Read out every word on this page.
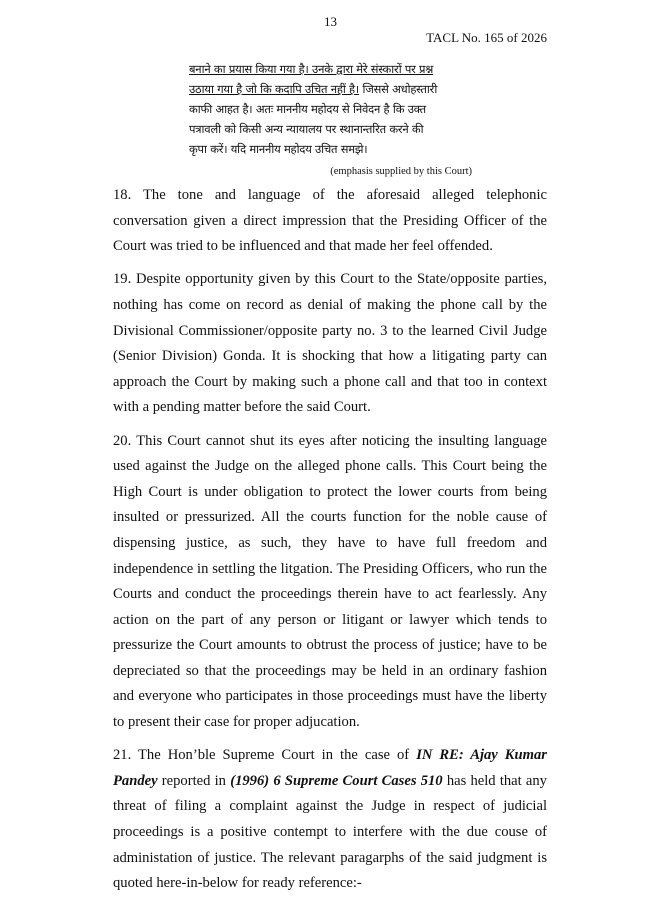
13
TACL No. 165 of 2026
बनाने का प्रयास किया गया है। उनके द्वारा मेरे संस्कारों पर प्रश्न
उठाया गया है जो कि कदापि उचित नहीं है। जिससे अधोहस्तारी
काफी आहत है। अतः माननीय महोदय से निवेदन है कि उक्त
पत्रावली को किसी अन्य न्यायालय पर स्थानान्तरित करने की
कृपा करें। यदि माननीय महोदय उचित समझे।
(emphasis supplied by this Court)

18. The tone and language of the aforesaid alleged telephonic conversation given a direct impression that the Presiding Officer of the Court was tried to be influenced and that made her feel offended.

19. Despite opportunity given by this Court to the State/opposite parties, nothing has come on record as denial of making the phone call by the Divisional Commissioner/opposite party no. 3 to the learned Civil Judge (Senior Division) Gonda. It is shocking that how a litigating party can approach the Court by making such a phone call and that too in context with a pending matter before the said Court.

20. This Court cannot shut its eyes after noticing the insulting language used against the Judge on the alleged phone calls. This Court being the High Court is under obligation to protect the lower courts from being insulted or pressurized. All the courts function for the noble cause of dispensing justice, as such, they have to have full freedom and independence in settling the litgation. The Presiding Officers, who run the Courts and conduct the proceedings therein have to act fearlessly. Any action on the part of any person or litigant or lawyer which tends to pressurize the Court amounts to obtrust the process of justice; have to be depreciated so that the proceedings may be held in an ordinary fashion and everyone who participates in those proceedings must have the liberty to present their case for proper adjucation.

21. The Hon’ble Supreme Court in the case of IN RE: Ajay Kumar Pandey reported in (1996) 6 Supreme Court Cases 510 has held that any threat of filing a complaint against the Judge in respect of judicial proceedings is a positive contempt to interfere with the due couse of administation of justice. The relevant paragarphs of the said judgment is quoted here-in-below for ready reference:-
